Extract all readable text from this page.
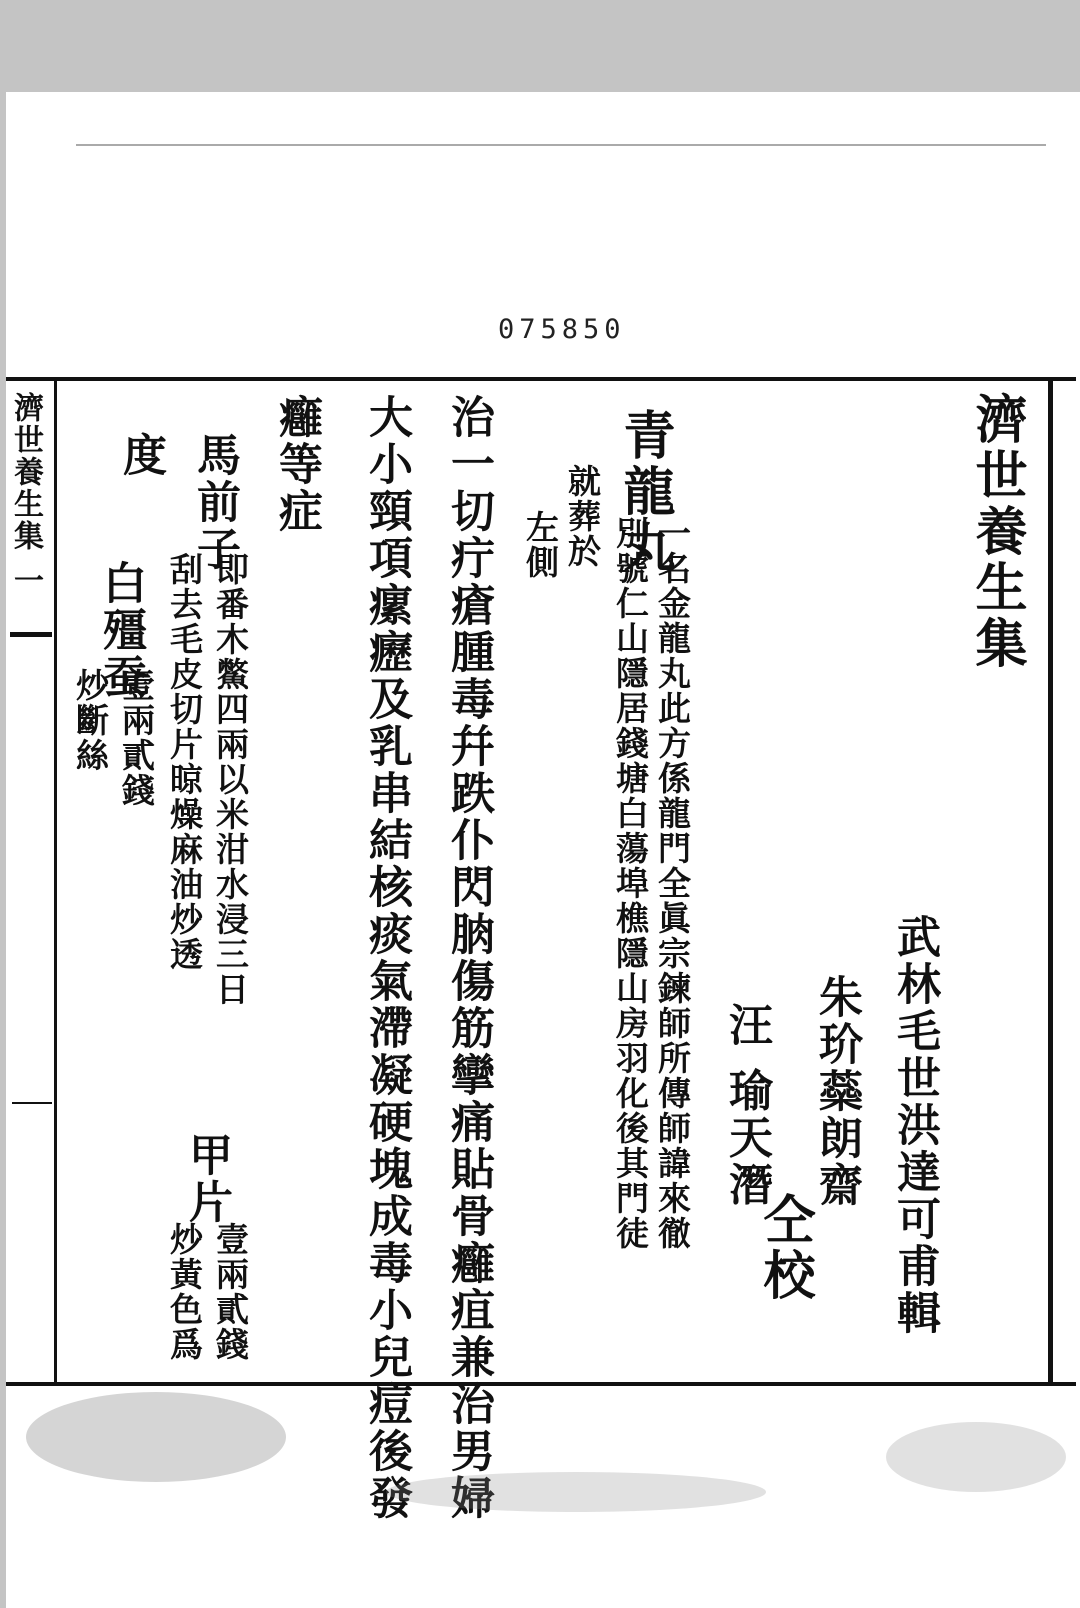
075850
濟世養生集
武林毛世洪達可甫輯
朱玠蘂朗齋
汪 瑜天潛
仝校
青龍丸
一名金龍丸此方係龍門全眞宗鍊師所傳師諱來徹
別號仁山隱居錢塘白蕩埠樵隱山房羽化後其門徒
就葬於
左側
治一切疔瘡腫毒幷跌仆閃朒傷筋攣痛貼骨癰疽兼治男婦
大小頸項瘰癧及乳串結核痰氣滯凝硬塊成毒小兒痘後發
癰等症
馬前子
即番木鱉四兩以米泔水浸三日
刮去毛皮切片晾燥麻油炒透
度
甲片
壹兩貳錢
炒黃色爲
白殭蚕
壹兩貳錢
炒斷絲
濟世養生集 一
